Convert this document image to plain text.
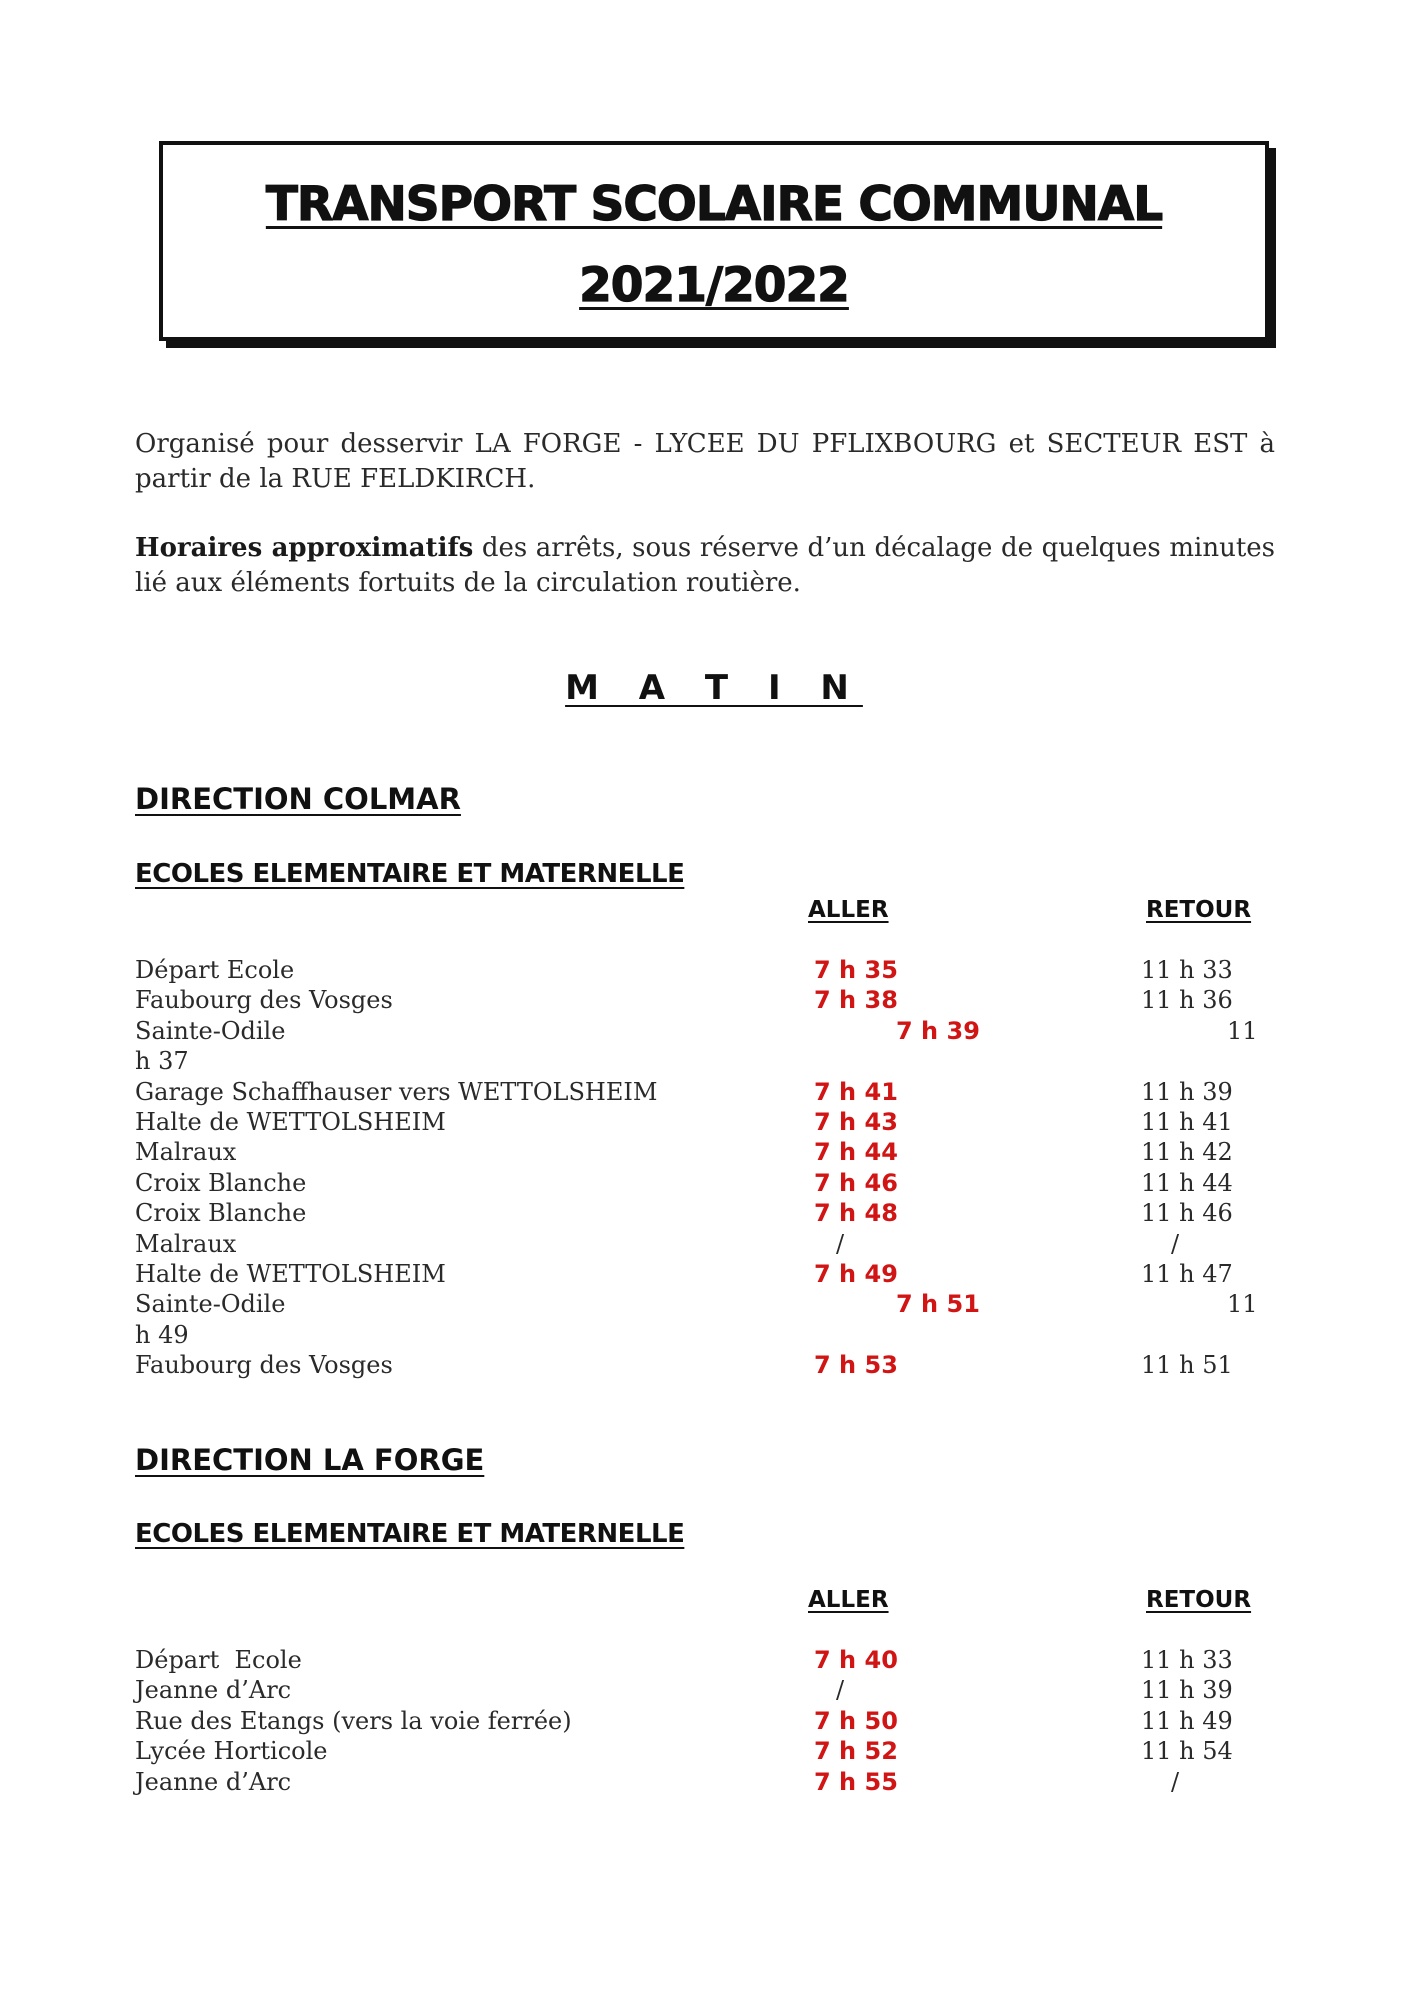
TRANSPORT SCOLAIRE COMMUNAL
2021/2022
Organisé pour desservir LA FORGE - LYCEE DU PFLIXBOURG et SECTEUR EST à partir de la RUE FELDKIRCH.
Horaires approximatifs des arrêts, sous réserve d’un décalage de quelques minutes lié aux éléments fortuits de la circulation routière.
M A T I N
DIRECTION COLMAR
ECOLES ELEMENTAIRE ET MATERNELLE
ALLER	RETOUR
Départ Ecole	7 h 35	11 h 33
Faubourg des Vosges	7 h 38	11 h 36
Sainte-Odile	7 h 39	11
h 37
Garage Schaffhauser vers WETTOLSHEIM	7 h 41	11 h 39
Halte de WETTOLSHEIM	7 h 43	11 h 41
Malraux	7 h 44	11 h 42
Croix Blanche	7 h 46	11 h 44
Croix Blanche	7 h 48	11 h 46
Malraux	/	/
Halte de WETTOLSHEIM	7 h 49	11 h 47
Sainte-Odile	7 h 51	11
h 49
Faubourg des Vosges	7 h 53	11 h 51
DIRECTION LA FORGE
ECOLES ELEMENTAIRE ET MATERNELLE
ALLER	RETOUR
Départ  Ecole	7 h 40	11 h 33
Jeanne d’Arc	/	11 h 39
Rue des Etangs (vers la voie ferrée)	7 h 50	11 h 49
Lycée Horticole	7 h 52	11 h 54
Jeanne d’Arc	7 h 55	/
